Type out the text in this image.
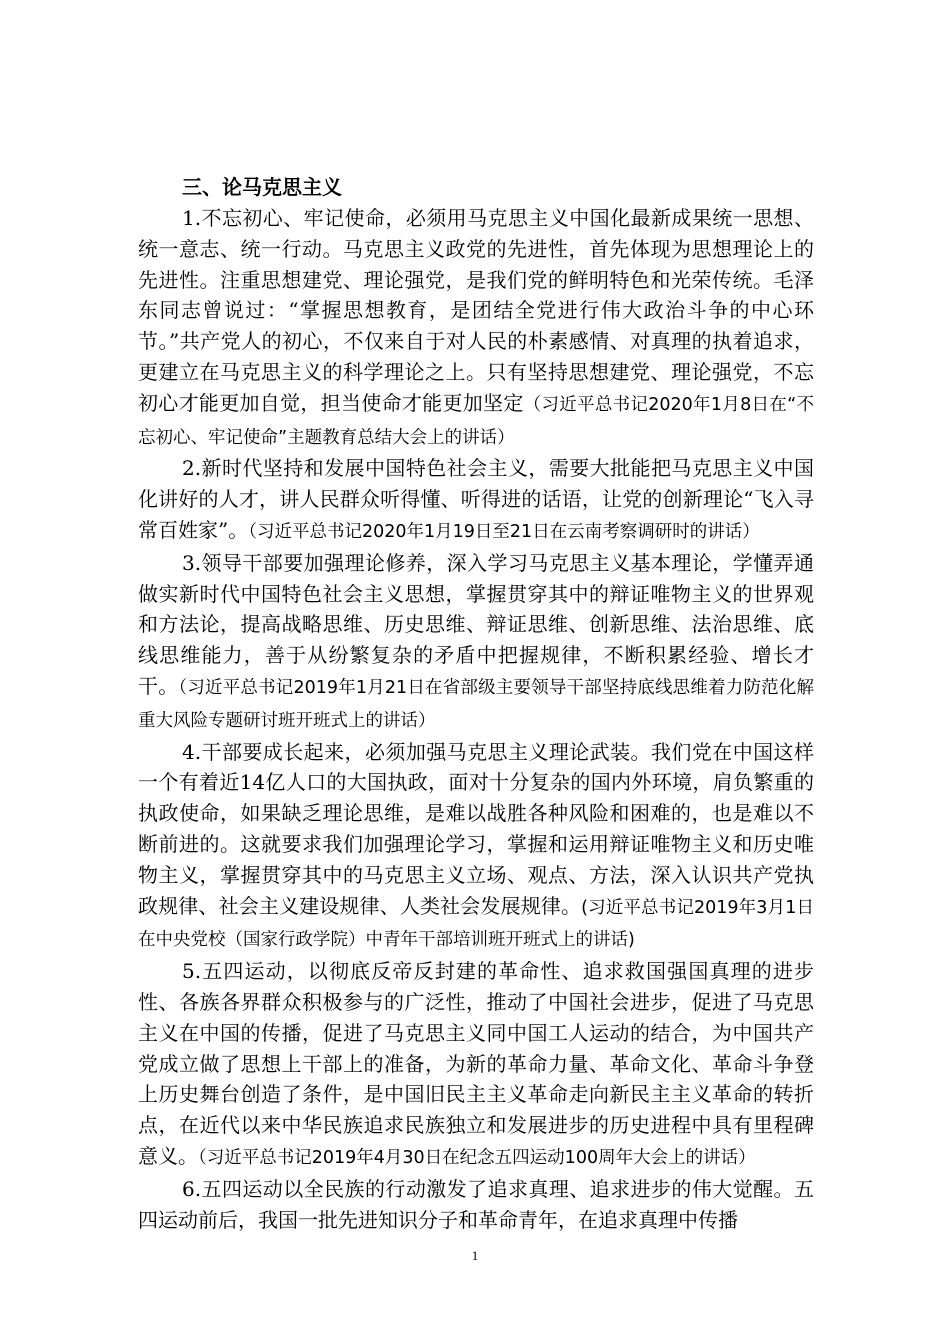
三、论马克思主义

1.不忘初心、牢记使命，必须用马克思主义中国化最新成果统一思想、统一意志、统一行动。马克思主义政党的先进性，首先体现为思想理论上的先进性。注重思想建党、理论强党，是我们党的鲜明特色和光荣传统。毛泽东同志曾说过：“掌握思想教育，是团结全党进行伟大政治斗争的中心环节。”共产党人的初心，不仅来自于对人民的朴素感情、对真理的执着追求，更建立在马克思主义的科学理论之上。只有坚持思想建党、理论强党，不忘初心才能更加自觉，担当使命才能更加坚定（习近平总书记2020年1月8日在“不忘初心、牢记使命”主题教育总结大会上的讲话）

2.新时代坚持和发展中国特色社会主义，需要大批能把马克思主义中国化讲好的人才，讲人民群众听得懂、听得进的话语，让党的创新理论“飞入寻常百姓家”。（习近平总书记2020年1月19日至21日在云南考察调研时的讲话）

3.领导干部要加强理论修养，深入学习马克思主义基本理论，学懂弄通做实新时代中国特色社会主义思想，掌握贯穿其中的辩证唯物主义的世界观和方法论，提高战略思维、历史思维、辩证思维、创新思维、法治思维、底线思维能力，善于从纷繁复杂的矛盾中把握规律，不断积累经验、增长才干。（习近平总书记2019年1月21日在省部级主要领导干部坚持底线思维着力防范化解重大风险专题研讨班开班式上的讲话）

4.干部要成长起来，必须加强马克思主义理论武装。我们党在中国这样一个有着近14亿人口的大国执政，面对十分复杂的国内外环境，肩负繁重的执政使命，如果缺乏理论思维，是难以战胜各种风险和困难的，也是难以不断前进的。这就要求我们加强理论学习，掌握和运用辩证唯物主义和历史唯物主义，掌握贯穿其中的马克思主义立场、观点、方法，深入认识共产党执政规律、社会主义建设规律、人类社会发展规律。(习近平总书记2019年3月1日在中央党校（国家行政学院）中青年干部培训班开班式上的讲话)

5.五四运动，以彻底反帝反封建的革命性、追求救国强国真理的进步性、各族各界群众积极参与的广泛性，推动了中国社会进步，促进了马克思主义在中国的传播，促进了马克思主义同中国工人运动的结合，为中国共产党成立做了思想上干部上的准备，为新的革命力量、革命文化、革命斗争登上历史舞台创造了条件，是中国旧民主主义革命走向新民主主义革命的转折点，在近代以来中华民族追求民族独立和发展进步的历史进程中具有里程碑意义。（习近平总书记2019年4月30日在纪念五四运动100周年大会上的讲话）

6.五四运动以全民族的行动激发了追求真理、追求进步的伟大觉醒。五四运动前后，我国一批先进知识分子和革命青年，在追求真理中传播

1
